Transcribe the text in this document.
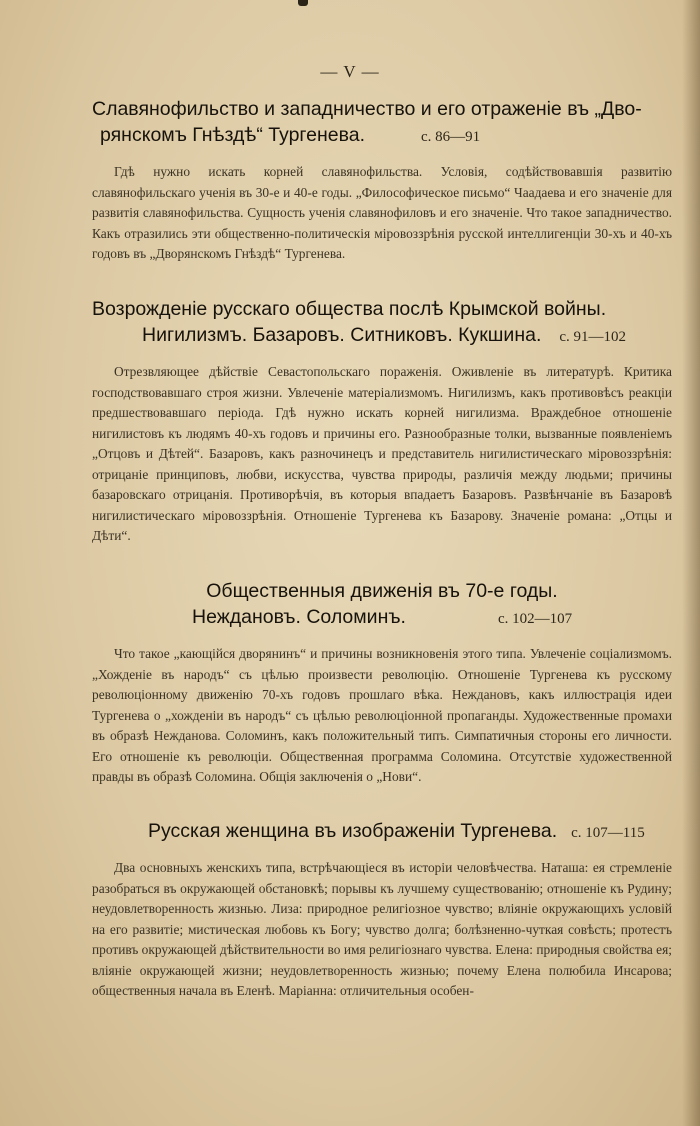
— V —
Славянофильство и западничество и его отраженіе въ „Дво-
рянскомъ Гнѣздѣ“ Тургенева.	с. 86—91
Гдѣ нужно искать корней славянофильства. Условія, содѣйствовавшія развитію славянофильскаго ученія въ 30-е и 40-е годы. „Философическое письмо“ Чаадаева и его значеніе для развитія славянофильства. Сущность ученія славянофиловъ и его значеніе. Что такое западничество. Какъ отразились эти общественно-политическія міровоззрѣнія русской интеллигенціи 30-хъ и 40-хъ годовъ въ „Дворянскомъ Гнѣздѣ“ Тургенева.
Возрожденіе русскаго общества послѣ Крымской войны.
Нигилизмъ. Базаровъ. Ситниковъ. Кукшина. с. 91—102
Отрезвляющее дѣйствіе Севастопольскаго пораженія. Оживленіе въ литературѣ. Критика господствовавшаго строя жизни. Увлеченіе матеріализмомъ. Нигилизмъ, какъ противовѣсъ реакціи предшествовавшаго періода. Гдѣ нужно искать корней нигилизма. Враждебное отношеніе нигилистовъ къ людямъ 40-хъ годовъ и причины его. Разнообразные толки, вызванные появленіемъ „Отцовъ и Дѣтей“. Базаровъ, какъ разночинецъ и представитель нигилистическаго міровоззрѣнія: отрицаніе принциповъ, любви, искусства, чувства природы, различія между людьми; причины базаровскаго отрицанія. Противорѣчія, въ которыя впадаетъ Базаровъ. Развѣнчаніе въ Базаровѣ нигилистическаго міровоззрѣнія. Отношеніе Тургенева къ Базарову. Значеніе романа: „Отцы и Дѣти“.
Общественныя движенія въ 70-е годы.
Неждановъ. Соломинъ.	с. 102—107
Что такое „кающійся дворянинъ“ и причины возникновенія этого типа. Увлеченіе соціализмомъ. „Хожденіе въ народъ“ съ цѣлью произвести революцію. Отношеніе Тургенева къ русскому революціонному движенію 70-хъ годовъ прошлаго вѣка. Неждановъ, какъ иллюстрація идеи Тургенева о „хожденіи въ народъ“ съ цѣлью революціонной пропаганды. Художественные промахи въ образѣ Нежданова. Соломинъ, какъ положительный типъ. Симпатичныя стороны его личности. Его отношеніе къ революціи. Общественная программа Соломина. Отсутствіе художественной правды въ образѣ Соломина. Общія заключенія о „Нови“.
Русская женщина въ изображеніи Тургенева. с. 107—115
Два основныхъ женскихъ типа, встрѣчающіеся въ исторіи человѣчества. Наташа: ея стремленіе разобраться въ окружающей обстановкѣ; порывы къ лучшему существованію; отношеніе къ Рудину; неудовлетворенность жизнью. Лиза: природное религіозное чувство; вліяніе окружающихъ условій на его развитіе; мистическая любовь къ Богу; чувство долга; болѣзненно-чуткая совѣсть; протестъ противъ окружающей дѣйствительности во имя религіознаго чувства. Елена: природныя свойства ея; вліяніе окружающей жизни; неудовлетворенность жизнью; почему Елена полюбила Инсарова; общественныя начала въ Еленѣ. Маріанна: отличительныя особен-
